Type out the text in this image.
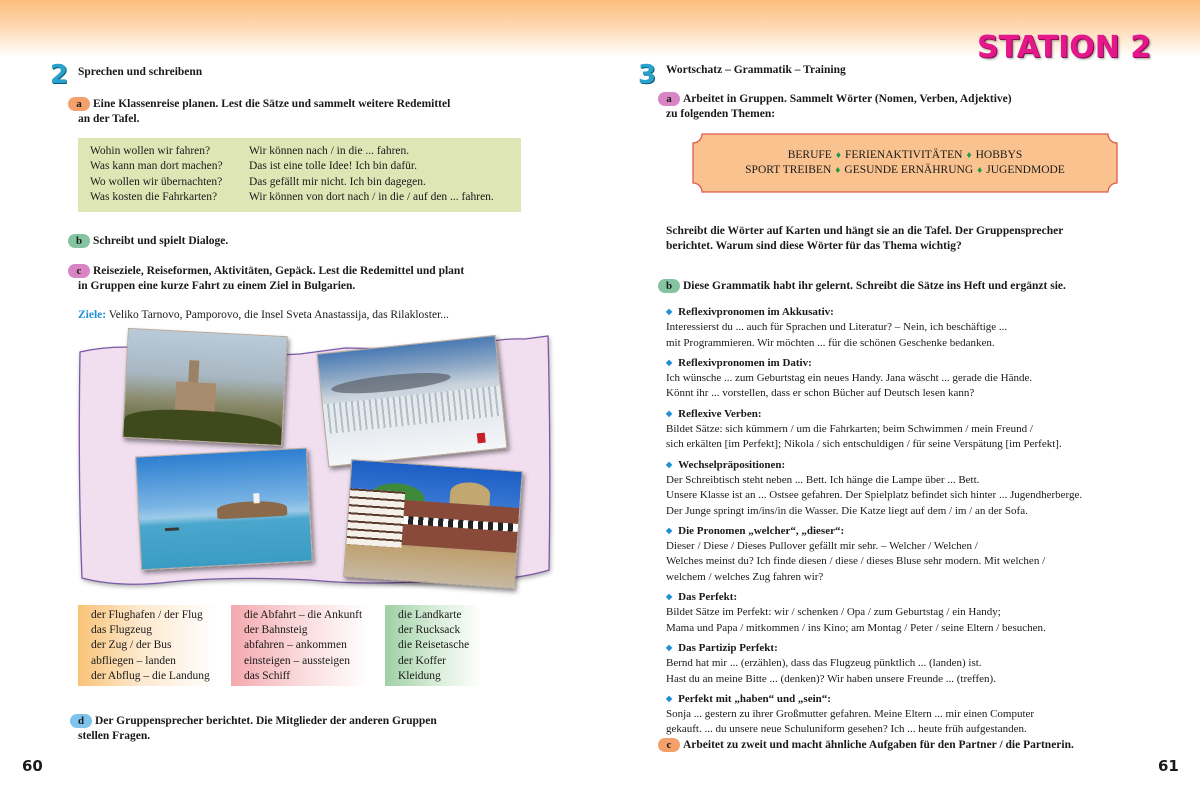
2 Sprechen und schreibenn
a Eine Klassenreise planen. Lest die Sätze und sammelt weitere Redemittel
an der Tafel.
Wohin wollen wir fahren?
Was kann man dort machen?
Wo wollen wir übernachten?
Was kosten die Fahrkarten?
Wir können nach / in die ... fahren.
Das ist eine tolle Idee! Ich bin dafür.
Das gefällt mir nicht. Ich bin dagegen.
Wir können von dort nach / in die / auf den ... fahren.
b Schreibt und spielt Dialoge.
c Reiseziele, Reiseformen, Aktivitäten, Gepäck. Lest die Redemittel und plant
in Gruppen eine kurze Fahrt zu einem Ziel in Bulgarien.
Ziele: Veliko Tarnovo, Pamporovo, die Insel Sveta Anastassija, das Rilakloster...
der Flughafen / der Flug
das Flugzeug
der Zug / der Bus
abfliegen – landen
der Abflug – die Landung
die Abfahrt – die Ankunft
der Bahnsteig
abfahren – ankommen
einsteigen – aussteigen
das Schiff
die Landkarte
der Rucksack
die Reisetasche
der Koffer
Kleidung
d Der Gruppensprecher berichtet. Die Mitglieder der anderen Gruppen
stellen Fragen.
60
STATION 2
3 Wortschatz – Grammatik – Training
a Arbeitet in Gruppen. Sammelt Wörter (Nomen, Verben, Adjektive)
zu folgenden Themen:
BERUFE ♦ FERIENAKTIVITÄTEN ♦ HOBBYS
SPORT TREIBEN ♦ GESUNDE ERNÄHRUNG ♦ JUGENDMODE
Schreibt die Wörter auf Karten und hängt sie an die Tafel. Der Gruppensprecher
berichtet. Warum sind diese Wörter für das Thema wichtig?
b Diese Grammatik habt ihr gelernt. Schreibt die Sätze ins Heft und ergänzt sie.
◆ Reflexivpronomen im Akkusativ:
Interessierst du ... auch für Sprachen und Literatur? – Nein, ich beschäftige ...
mit Programmieren. Wir möchten ... für die schönen Geschenke bedanken.
◆ Reflexivpronomen im Dativ:
Ich wünsche ... zum Geburtstag ein neues Handy. Jana wäscht ... gerade die Hände.
Könnt ihr ... vorstellen, dass er schon Bücher auf Deutsch lesen kann?
◆ Reflexive Verben:
Bildet Sätze: sich kümmern / um die Fahrkarten; beim Schwimmen / mein Freund /
sich erkälten [im Perfekt]; Nikola / sich entschuldigen / für seine Verspätung [im Perfekt].
◆ Wechselpräpositionen:
Der Schreibtisch steht neben ... Bett. Ich hänge die Lampe über ... Bett.
Unsere Klasse ist an ... Ostsee gefahren. Der Spielplatz befindet sich hinter ... Jugendherberge.
Der Junge springt im/ins/in die Wasser. Die Katze liegt auf dem / im / an der Sofa.
◆ Die Pronomen „welcher“, „dieser“:
Dieser / Diese / Dieses Pullover gefällt mir sehr. – Welcher / Welchen /
Welches meinst du? Ich finde diesen / diese / dieses Bluse sehr modern. Mit welchen /
welchem / welches Zug fahren wir?
◆ Das Perfekt:
Bildet Sätze im Perfekt: wir / schenken / Opa / zum Geburtstag / ein Handy;
Mama und Papa / mitkommen / ins Kino; am Montag / Peter / seine Eltern / besuchen.
◆ Das Partizip Perfekt:
Bernd hat mir ... (erzählen), dass das Flugzeug pünktlich ... (landen) ist.
Hast du an meine Bitte ... (denken)? Wir haben unsere Freunde ... (treffen).
◆ Perfekt mit „haben“ und „sein“:
Sonja ... gestern zu ihrer Großmutter gefahren. Meine Eltern ... mir einen Computer
gekauft. ... du unsere neue Schuluniform gesehen? Ich ... heute früh aufgestanden.
c Arbeitet zu zweit und macht ähnliche Aufgaben für den Partner / die Partnerin.
61
